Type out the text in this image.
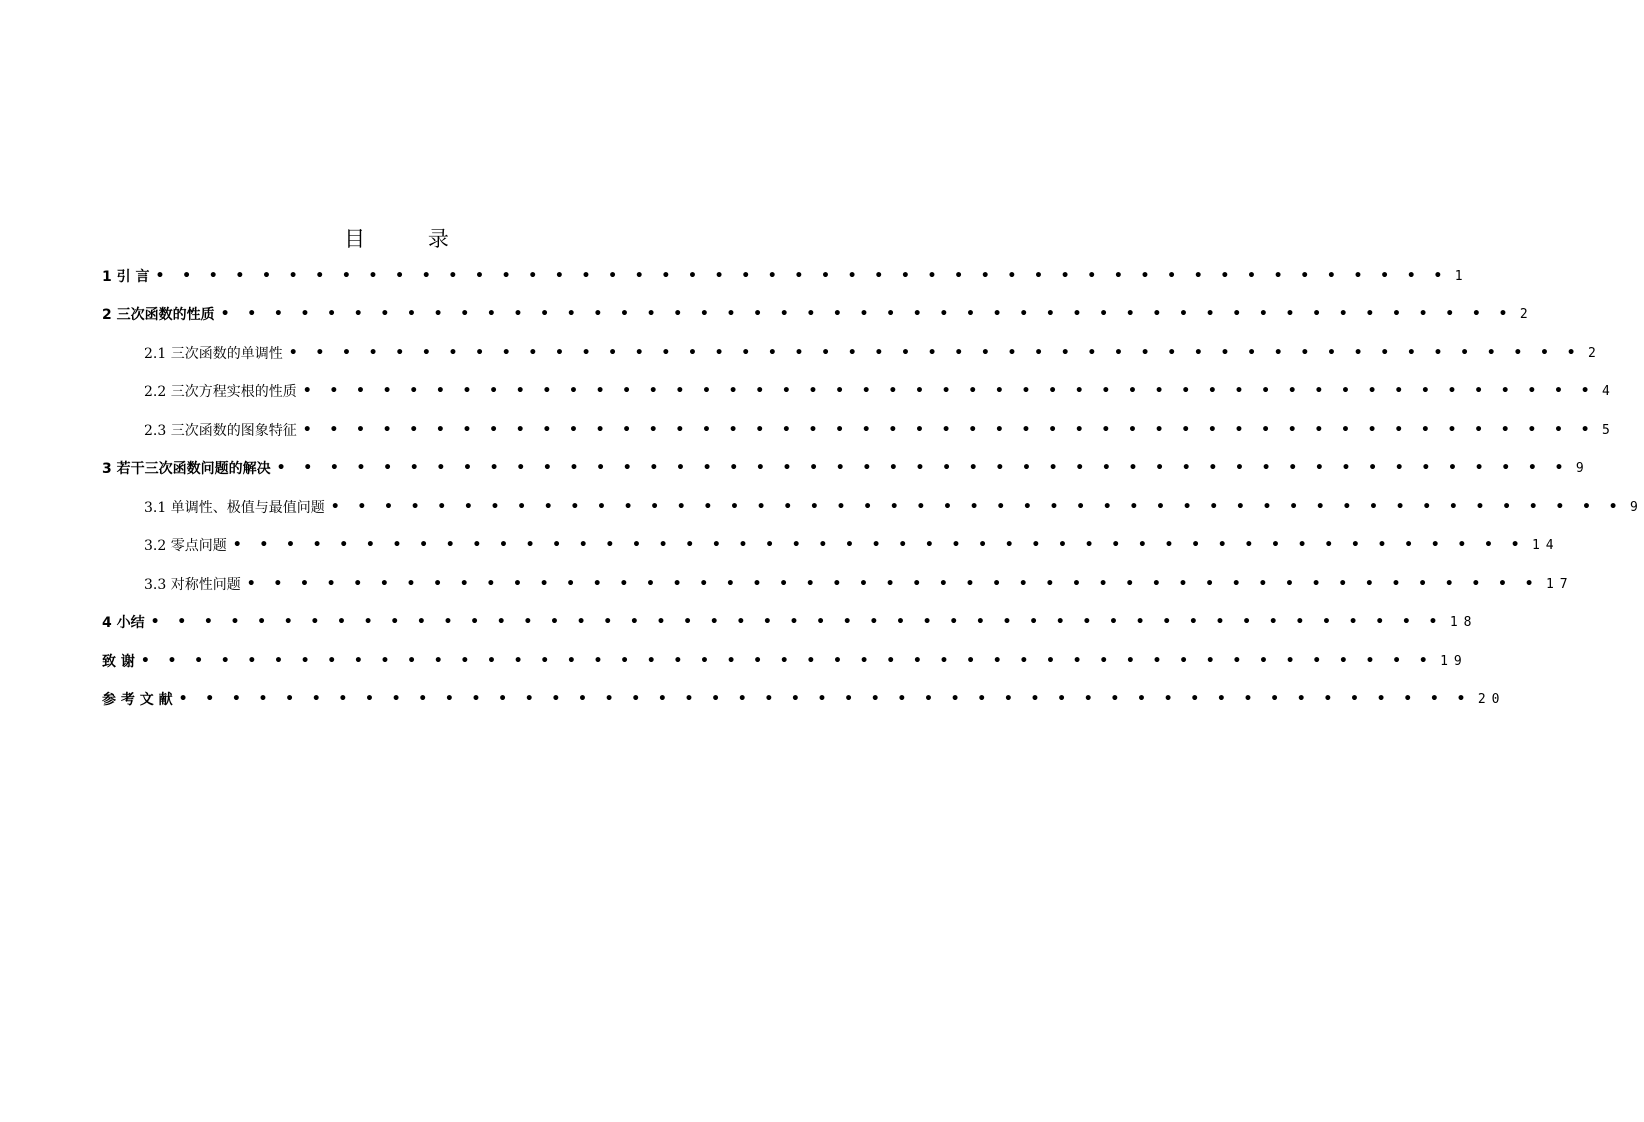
目 录
1 引 言 • • • • • • • • • • • • • • • • • • • • • • • • • • • • • • • • • • • • • • • • • • • • • • • • • 1
2 三次函数的性质 • • • • • • • • • • • • • • • • • • • • • • • • • • • • • • • • • • • • • • • • • • • • • • • • • 2
2.1 三次函数的单调性 • • • • • • • • • • • • • • • • • • • • • • • • • • • • • • • • • • • • • • • • • • • • • • • • • 2
2.2 三次方程实根的性质 • • • • • • • • • • • • • • • • • • • • • • • • • • • • • • • • • • • • • • • • • • • • • • • • • 4
2.3 三次函数的图象特征 • • • • • • • • • • • • • • • • • • • • • • • • • • • • • • • • • • • • • • • • • • • • • • • • • 5
3 若干三次函数问题的解决 • • • • • • • • • • • • • • • • • • • • • • • • • • • • • • • • • • • • • • • • • • • • • • • • • 9
3.1 单调性、极值与最值问题 • • • • • • • • • • • • • • • • • • • • • • • • • • • • • • • • • • • • • • • • • • • • • • • • • 9
3.2 零点问题 • • • • • • • • • • • • • • • • • • • • • • • • • • • • • • • • • • • • • • • • • • • • • • • • • 14
3.3 对称性问题 • • • • • • • • • • • • • • • • • • • • • • • • • • • • • • • • • • • • • • • • • • • • • • • • • 17
4 小结 • • • • • • • • • • • • • • • • • • • • • • • • • • • • • • • • • • • • • • • • • • • • • • • • • 18
致 谢 • • • • • • • • • • • • • • • • • • • • • • • • • • • • • • • • • • • • • • • • • • • • • • • • • 19
参 考 文 献 • • • • • • • • • • • • • • • • • • • • • • • • • • • • • • • • • • • • • • • • • • • • • • • • • 20
